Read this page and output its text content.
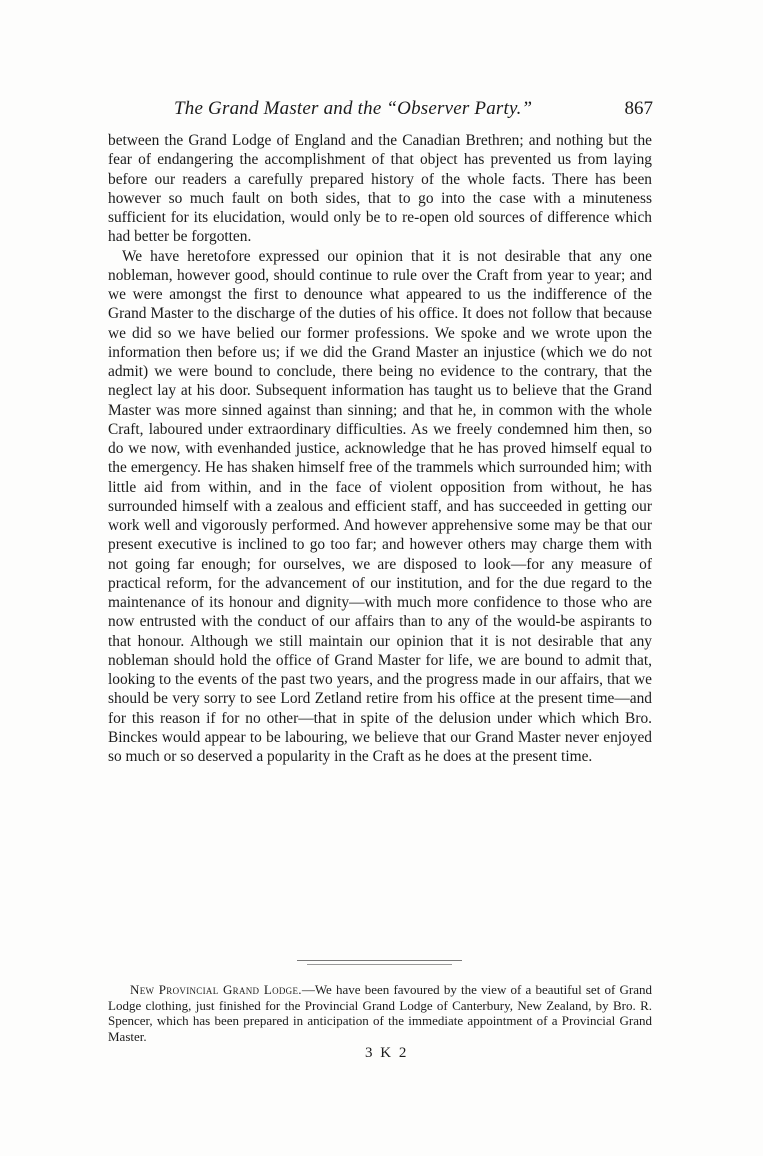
The Grand Master and the “Observer Party.”	867

between the Grand Lodge of England and the Canadian Brethren; and nothing but the fear of endangering the accomplishment of that object has prevented us from laying before our readers a carefully prepared history of the whole facts. There has been however so much fault on both sides, that to go into the case with a minuteness sufficient for its elucidation, would only be to re-open old sources of difference which had better be forgotten.

We have heretofore expressed our opinion that it is not desirable that any one nobleman, however good, should continue to rule over the Craft from year to year; and we were amongst the first to denounce what appeared to us the indifference of the Grand Master to the discharge of the duties of his office. It does not follow that because we did so we have belied our former professions. We spoke and we wrote upon the information then before us; if we did the Grand Master an injustice (which we do not admit) we were bound to conclude, there being no evidence to the contrary, that the neglect lay at his door. Subsequent information has taught us to believe that the Grand Master was more sinned against than sinning; and that he, in common with the whole Craft, laboured under extraordinary difficulties. As we freely condemned him then, so do we now, with evenhanded justice, acknowledge that he has proved himself equal to the emergency. He has shaken himself free of the trammels which surrounded him; with little aid from within, and in the face of violent opposition from without, he has surrounded himself with a zealous and efficient staff, and has succeeded in getting our work well and vigorously performed. And however apprehensive some may be that our present executive is inclined to go too far; and however others may charge them with not going far enough; for ourselves, we are disposed to look—for any measure of practical reform, for the advancement of our institution, and for the due regard to the maintenance of its honour and dignity—with much more confidence to those who are now entrusted with the conduct of our affairs than to any of the would-be aspirants to that honour. Although we still maintain our opinion that it is not desirable that any nobleman should hold the office of Grand Master for life, we are bound to admit that, looking to the events of the past two years, and the progress made in our affairs, that we should be very sorry to see Lord Zetland retire from his office at the present time—and for this reason if for no other—that in spite of the delusion under which which Bro. Binckes would appear to be labouring, we believe that our Grand Master never enjoyed so much or so deserved a popularity in the Craft as he does at the present time.

New Provincial Grand Lodge.—We have been favoured by the view of a beautiful set of Grand Lodge clothing, just finished for the Provincial Grand Lodge of Canterbury, New Zealand, by Bro. R. Spencer, which has been prepared in anticipation of the immediate appointment of a Provincial Grand Master.
3 K 2
